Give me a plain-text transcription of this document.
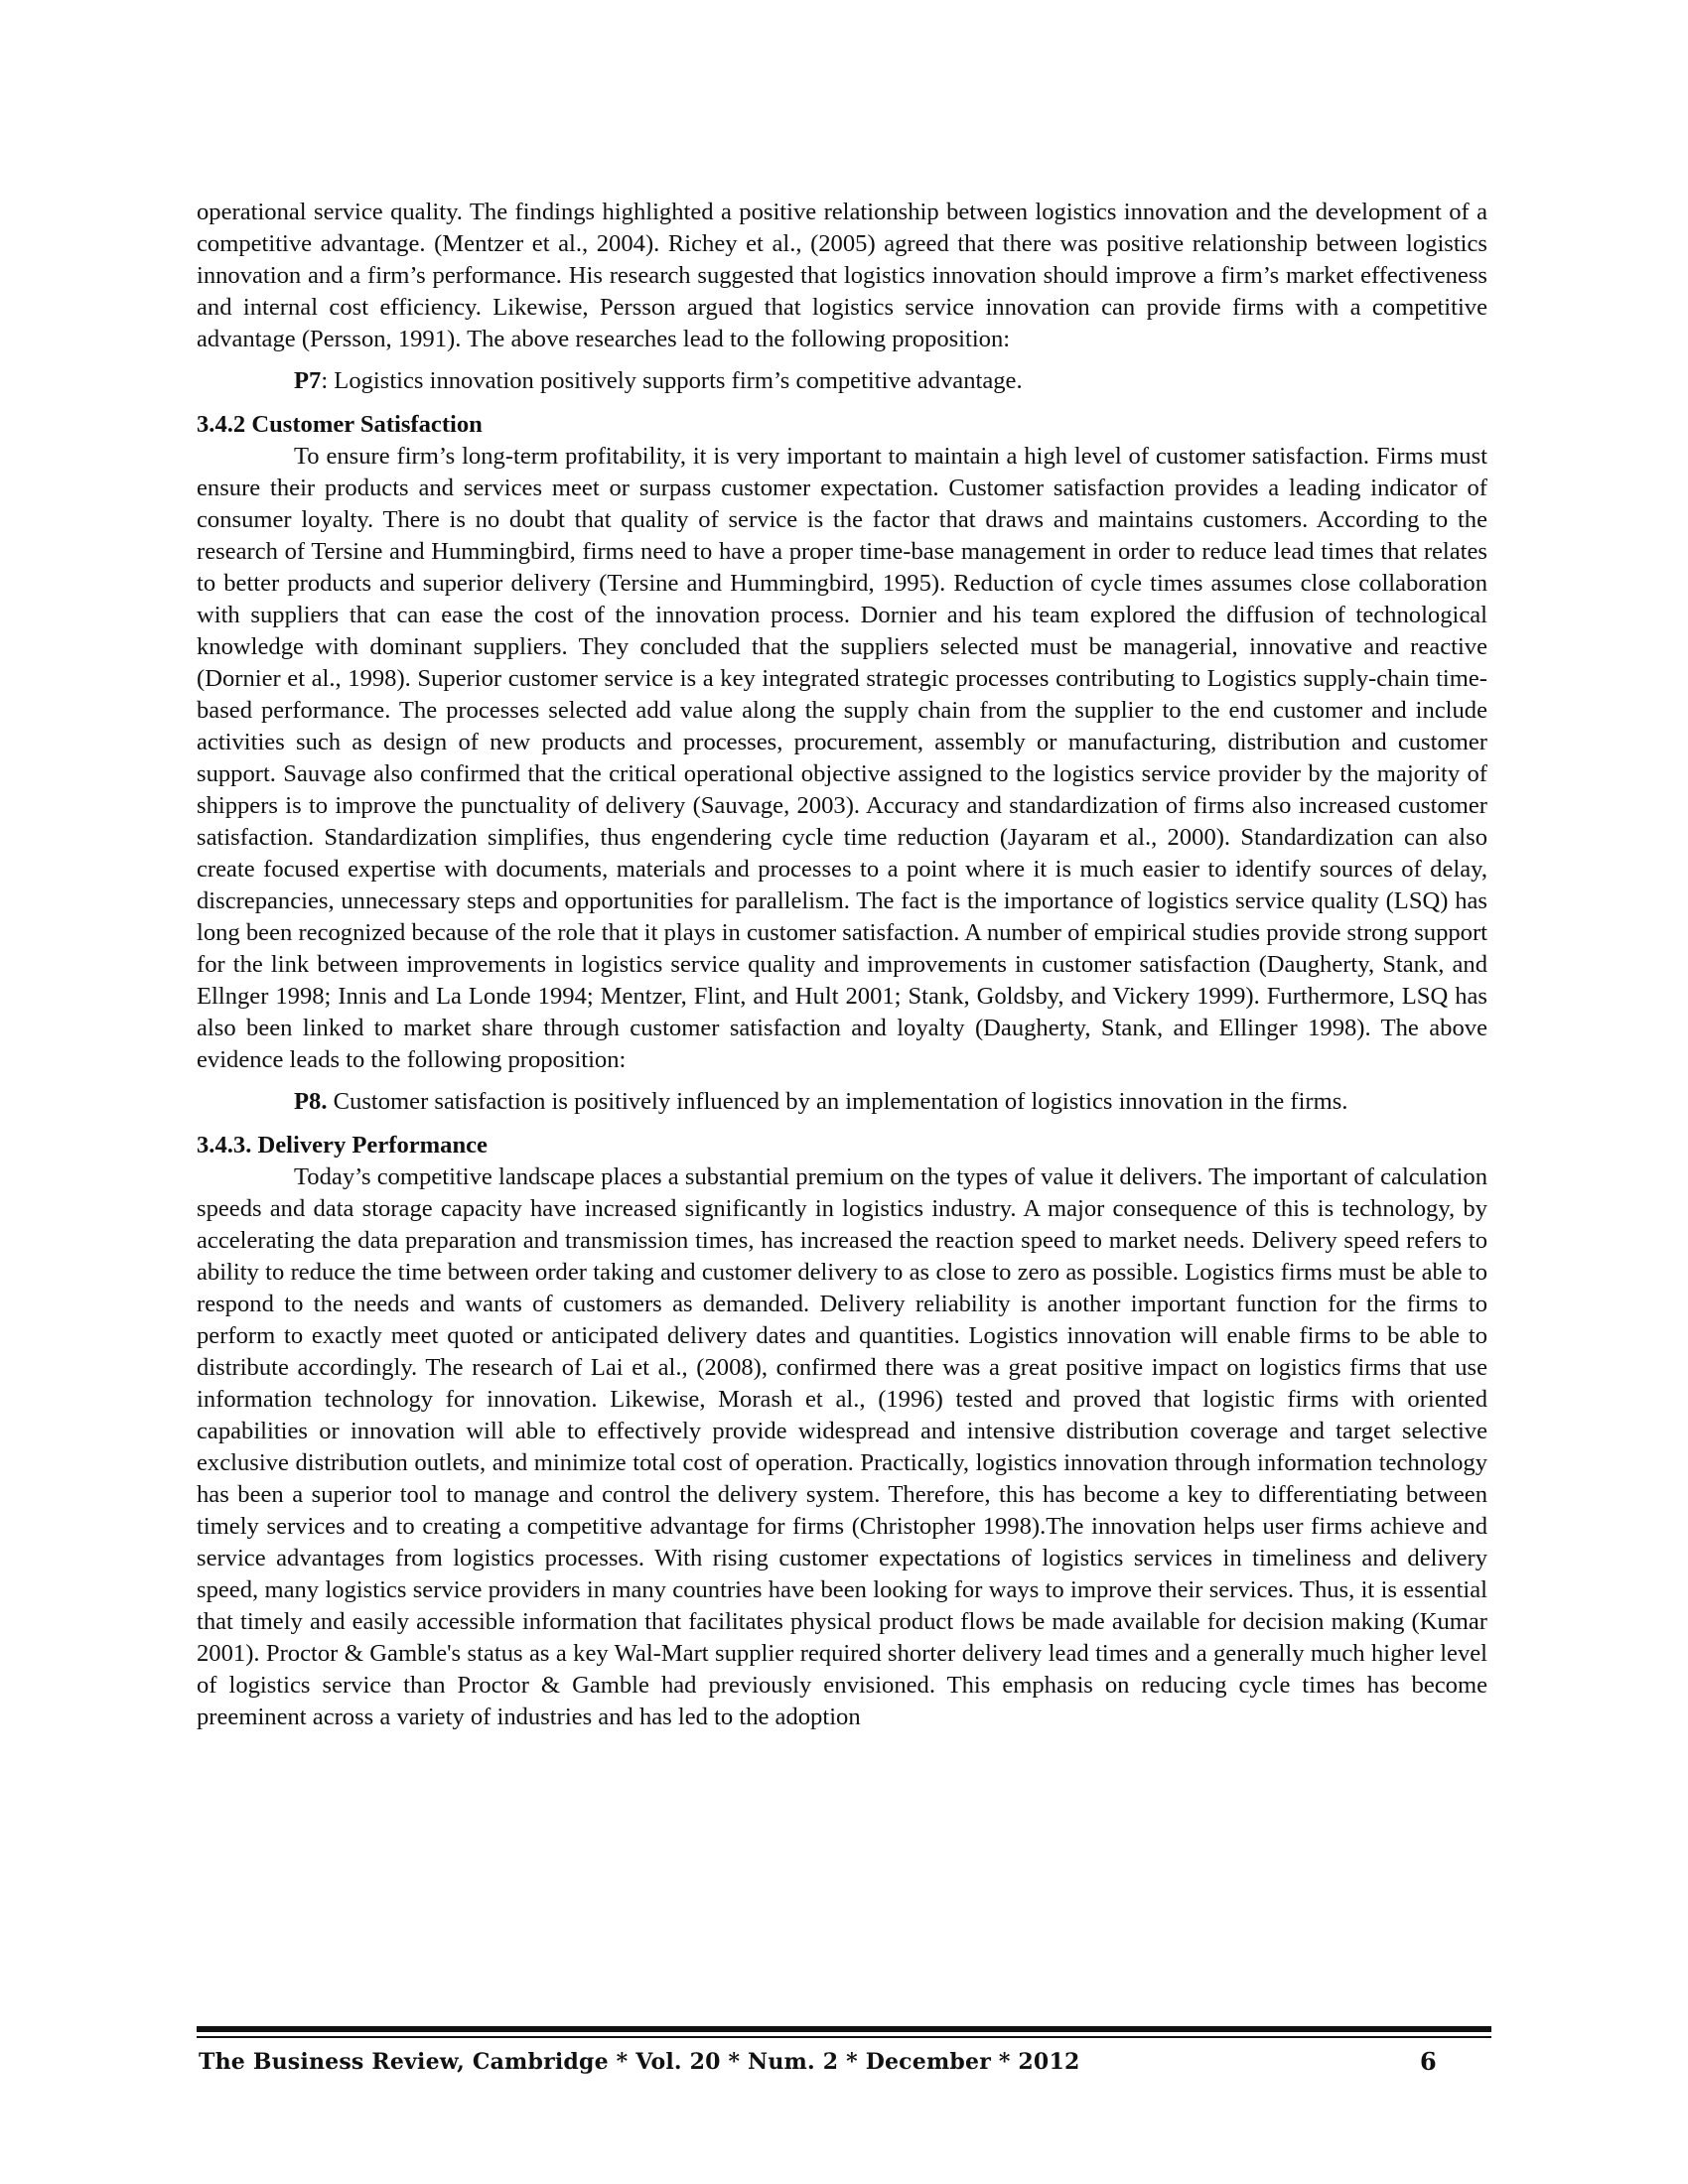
operational service quality. The findings highlighted a positive relationship between logistics innovation and the development of a competitive advantage. (Mentzer et al., 2004). Richey et al., (2005) agreed that there was positive relationship between logistics innovation and a firm’s performance. His research suggested that logistics innovation should improve a firm’s market effectiveness and internal cost efficiency. Likewise, Persson argued that logistics service innovation can provide firms with a competitive advantage (Persson, 1991). The above researches lead to the following proposition:

P7: Logistics innovation positively supports firm’s competitive advantage.

3.4.2 Customer Satisfaction

To ensure firm’s long-term profitability, it is very important to maintain a high level of customer satisfaction. Firms must ensure their products and services meet or surpass customer expectation. Customer satisfaction provides a leading indicator of consumer loyalty. There is no doubt that quality of service is the factor that draws and maintains customers. According to the research of Tersine and Hummingbird, firms need to have a proper time-base management in order to reduce lead times that relates to better products and superior delivery (Tersine and Hummingbird, 1995). Reduction of cycle times assumes close collaboration with suppliers that can ease the cost of the innovation process. Dornier and his team explored the diffusion of technological knowledge with dominant suppliers. They concluded that the suppliers selected must be managerial, innovative and reactive (Dornier et al., 1998). Superior customer service is a key integrated strategic processes contributing to Logistics supply-chain time-based performance. The processes selected add value along the supply chain from the supplier to the end customer and include activities such as design of new products and processes, procurement, assembly or manufacturing, distribution and customer support. Sauvage also confirmed that the critical operational objective assigned to the logistics service provider by the majority of shippers is to improve the punctuality of delivery (Sauvage, 2003). Accuracy and standardization of firms also increased customer satisfaction. Standardization simplifies, thus engendering cycle time reduction (Jayaram et al., 2000). Standardization can also create focused expertise with documents, materials and processes to a point where it is much easier to identify sources of delay, discrepancies, unnecessary steps and opportunities for parallelism. The fact is the importance of logistics service quality (LSQ) has long been recognized because of the role that it plays in customer satisfaction. A number of empirical studies provide strong support for the link between improvements in logistics service quality and improvements in customer satisfaction (Daugherty, Stank, and Ellnger 1998; Innis and La Londe 1994; Mentzer, Flint, and Hult 2001; Stank, Goldsby, and Vickery 1999). Furthermore, LSQ has also been linked to market share through customer satisfaction and loyalty (Daugherty, Stank, and Ellinger 1998). The above evidence leads to the following proposition:

P8. Customer satisfaction is positively influenced by an implementation of logistics innovation in the firms.

3.4.3. Delivery Performance

Today’s competitive landscape places a substantial premium on the types of value it delivers. The important of calculation speeds and data storage capacity have increased significantly in logistics industry. A major consequence of this is technology, by accelerating the data preparation and transmission times, has increased the reaction speed to market needs. Delivery speed refers to ability to reduce the time between order taking and customer delivery to as close to zero as possible. Logistics firms must be able to respond to the needs and wants of customers as demanded. Delivery reliability is another important function for the firms to perform to exactly meet quoted or anticipated delivery dates and quantities. Logistics innovation will enable firms to be able to distribute accordingly. The research of Lai et al., (2008), confirmed there was a great positive impact on logistics firms that use information technology for innovation. Likewise, Morash et al., (1996) tested and proved that logistic firms with oriented capabilities or innovation will able to effectively provide widespread and intensive distribution coverage and target selective exclusive distribution outlets, and minimize total cost of operation. Practically, logistics innovation through information technology has been a superior tool to manage and control the delivery system. Therefore, this has become a key to differentiating between timely services and to creating a competitive advantage for firms (Christopher 1998).The innovation helps user firms achieve and service advantages from logistics processes. With rising customer expectations of logistics services in timeliness and delivery speed, many logistics service providers in many countries have been looking for ways to improve their services. Thus, it is essential that timely and easily accessible information that facilitates physical product flows be made available for decision making (Kumar 2001). Proctor & Gamble's status as a key Wal-Mart supplier required shorter delivery lead times and a generally much higher level of logistics service than Proctor & Gamble had previously envisioned. This emphasis on reducing cycle times has become preeminent across a variety of industries and has led to the adoption

The Business Review, Cambridge * Vol. 20 * Num. 2 * December * 2012	6
